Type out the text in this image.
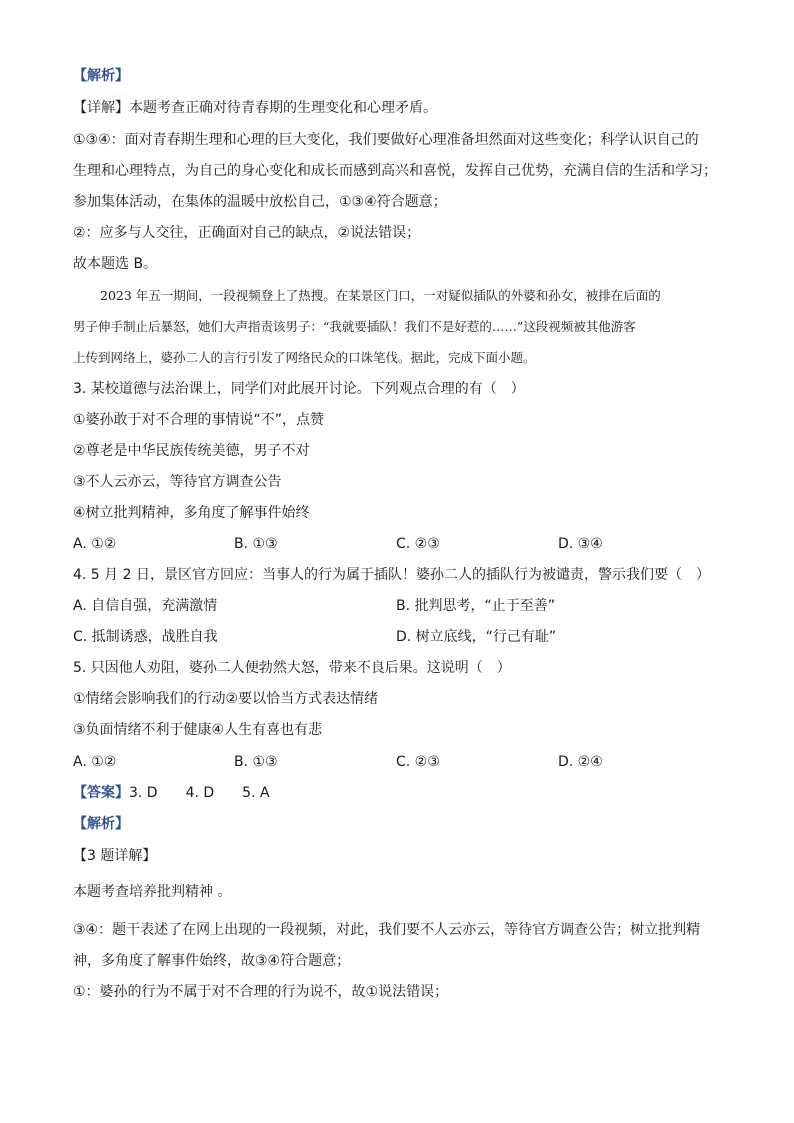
【解析】
【详解】本题考查正确对待青春期的生理变化和心理矛盾。
①③④：面对青春期生理和心理的巨大变化，我们要做好心理准备坦然面对这些变化；科学认识自己的
生理和心理特点，为自己的身心变化和成长而感到高兴和喜悦，发挥自己优势，充满自信的生活和学习；
参加集体活动，在集体的温暖中放松自己，①③④符合题意；
②：应多与人交往，正确面对自己的缺点，②说法错误；
故本题选 B。
2023 年五一期间，一段视频登上了热搜。在某景区门口，一对疑似插队的外婆和孙女，被排在后面的
男子伸手制止后暴怒，她们大声指责该男子：“我就要插队！我们不是好惹的……”这段视频被其他游客
上传到网络上，婆孙二人的言行引发了网络民众的口诛笔伐。据此，完成下面小题。
3. 某校道德与法治课上，同学们对此展开讨论。下列观点合理的有（　）
①婆孙敢于对不合理的事情说“不”，点赞
②尊老是中华民族传统美德，男子不对
③不人云亦云，等待官方调查公告
④树立批判精神，多角度了解事件始终
A. ①②	B. ①③	C. ②③	D. ③④
4. 5 月 2 日，景区官方回应：当事人的行为属于插队！婆孙二人的插队行为被谴责，警示我们要（　）
A. 自信自强，充满激情	B. 批判思考，“止于至善”
C. 抵制诱惑，战胜自我	D. 树立底线，“行己有耻”
5. 只因他人劝阻，婆孙二人便勃然大怒，带来不良后果。这说明（　）
①情绪会影响我们的行动②要以恰当方式表达情绪
③负面情绪不利于健康④人生有喜也有悲
A. ①②	B. ①③	C. ②③	D. ②④
【答案】3. D　　4. D　　5. A
【解析】
【3 题详解】
本题考查培养批判精神 。
③④：题干表述了在网上出现的一段视频，对此，我们要不人云亦云，等待官方调查公告；树立批判精
神，多角度了解事件始终，故③④符合题意；
①：婆孙的行为不属于对不合理的行为说不，故①说法错误；
